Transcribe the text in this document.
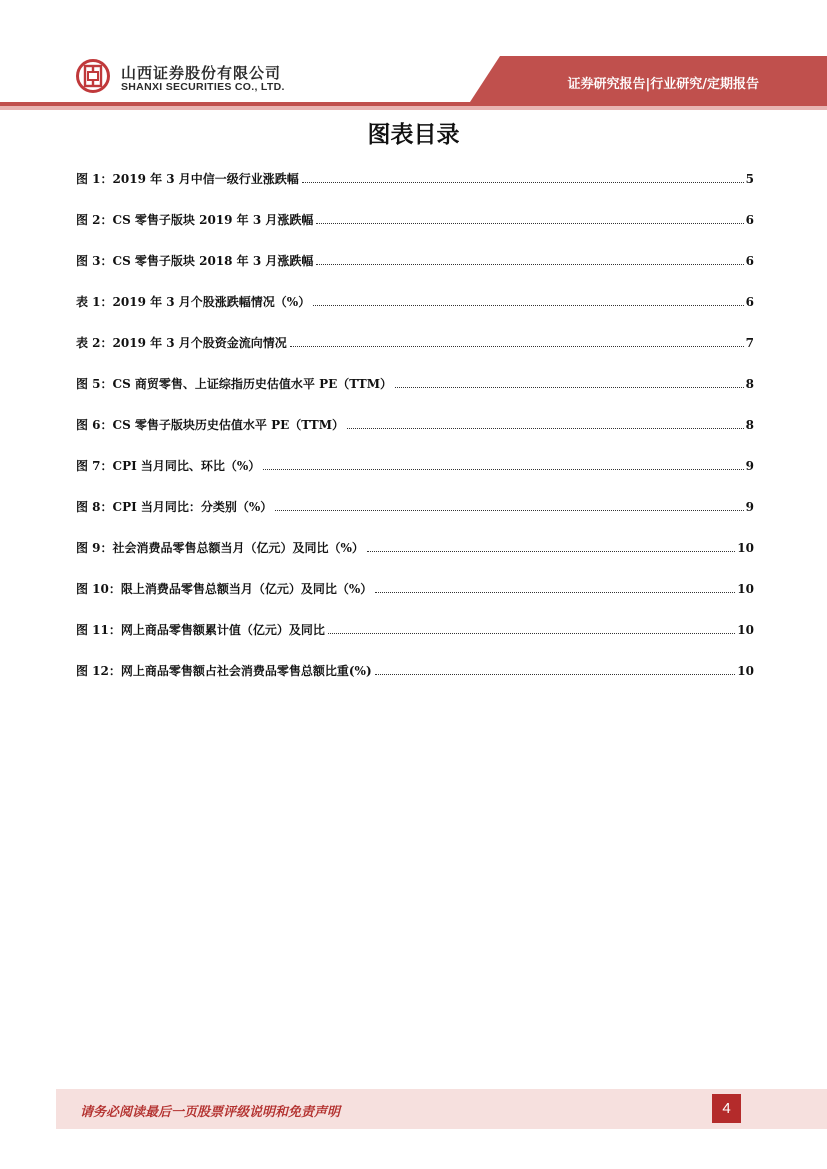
山西证券股份有限公司
SHANXI SECURITIES CO., LTD.	证券研究报告|行业研究/定期报告
图表目录
图 1：2019 年 3 月中信一级行业涨跌幅	5
图 2：CS 零售子版块 2019 年 3 月涨跌幅	6
图 3：CS 零售子版块 2018 年 3 月涨跌幅	6
表 1：2019 年 3 月个股涨跌幅情况（%）	6
表 2：2019 年 3 月个股资金流向情况	7
图 5：CS 商贸零售、上证综指历史估值水平 PE（TTM）	8
图 6：CS 零售子版块历史估值水平 PE（TTM）	8
图 7：CPI 当月同比、环比（%）	9
图 8：CPI 当月同比：分类别（%）	9
图 9：社会消费品零售总额当月（亿元）及同比（%）	10
图 10：限上消费品零售总额当月（亿元）及同比（%）	10
图 11：网上商品零售额累计值（亿元）及同比	10
图 12：网上商品零售额占社会消费品零售总额比重(%)	10
请务必阅读最后一页股票评级说明和免责声明	4
